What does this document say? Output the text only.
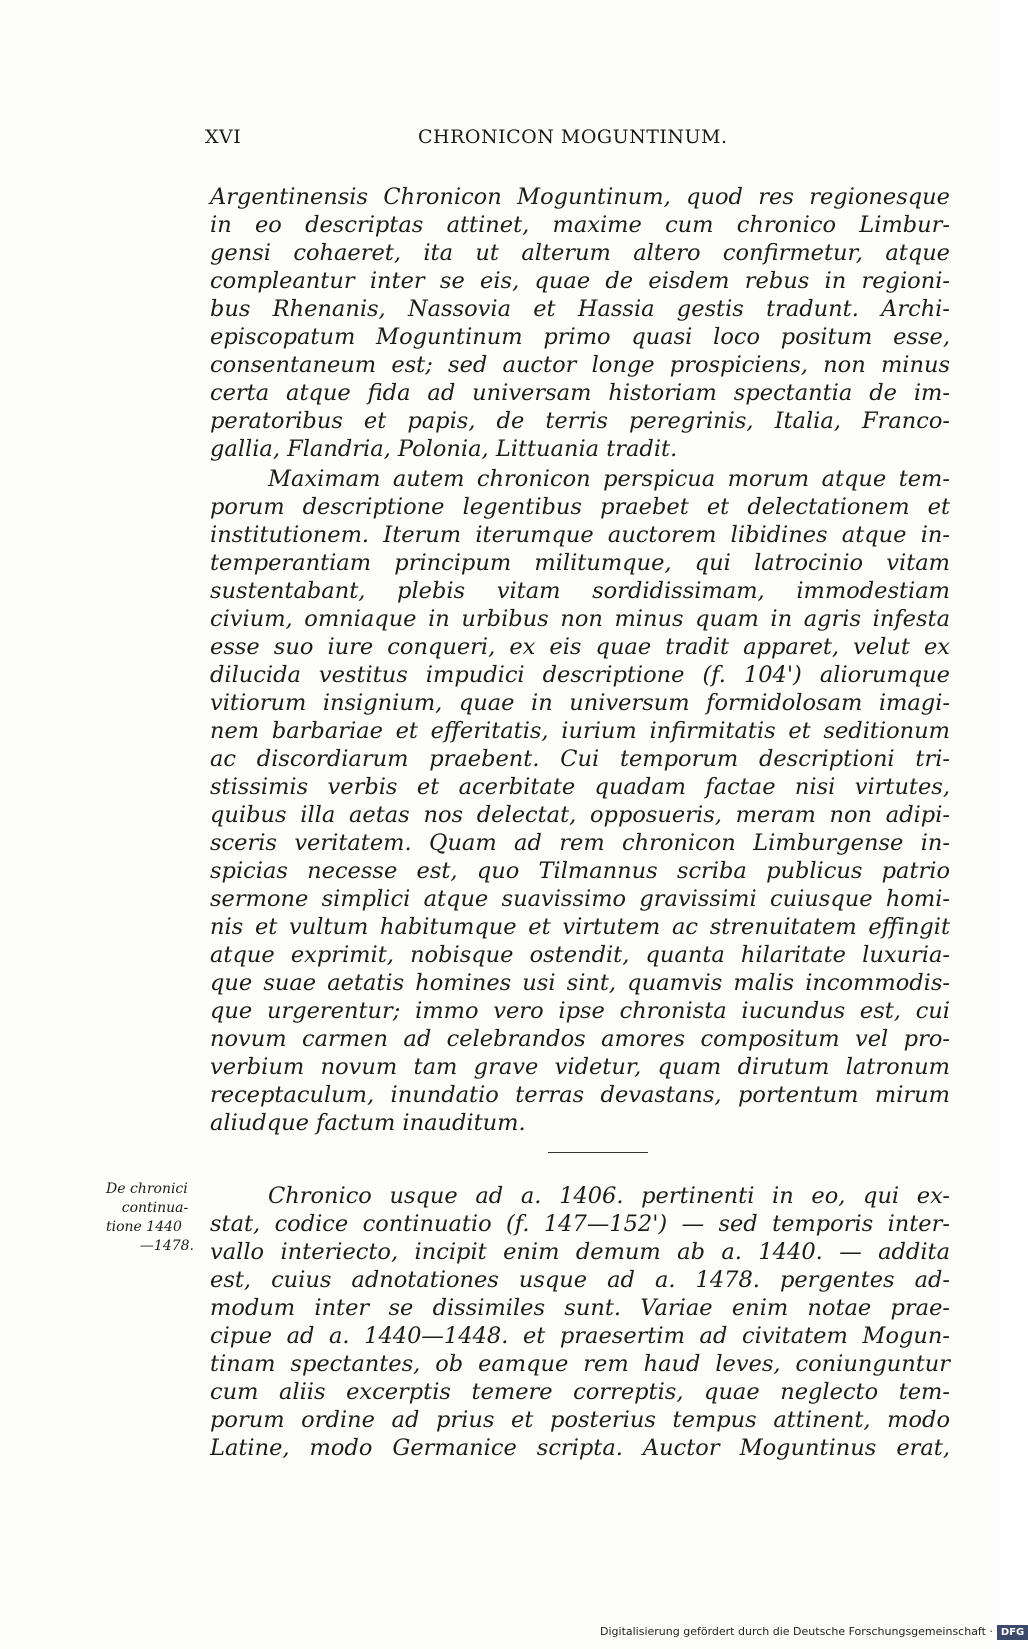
XVI	CHRONICON MOGUNTINUM.
Argentinensis Chronicon Moguntinum, quod res regionesque
in eo descriptas attinet, maxime cum chronico Limbur-
gensi cohaeret, ita ut alterum altero confirmetur, atque
compleantur inter se eis, quae de eisdem rebus in regioni-
bus Rhenanis, Nassovia et Hassia gestis tradunt. Archi-
episcopatum Moguntinum primo quasi loco positum esse,
consentaneum est; sed auctor longe prospiciens, non minus
certa atque fida ad universam historiam spectantia de im-
peratoribus et papis, de terris peregrinis, Italia, Franco-
gallia, Flandria, Polonia, Littuania tradit.
Maximam autem chronicon perspicua morum atque tem-
porum descriptione legentibus praebet et delectationem et
institutionem. Iterum iterumque auctorem libidines atque in-
temperantiam principum militumque, qui latrocinio vitam
sustentabant, plebis vitam sordidissimam, immodestiam
civium, omniaque in urbibus non minus quam in agris infesta
esse suo iure conqueri, ex eis quae tradit apparet, velut ex
dilucida vestitus impudici descriptione (f. 104') aliorumque
vitiorum insignium, quae in universum formidolosam imagi-
nem barbariae et efferitatis, iurium infirmitatis et seditionum
ac discordiarum praebent. Cui temporum descriptioni tri-
stissimis verbis et acerbitate quadam factae nisi virtutes,
quibus illa aetas nos delectat, opposueris, meram non adipi-
sceris veritatem. Quam ad rem chronicon Limburgense in-
spicias necesse est, quo Tilmannus scriba publicus patrio
sermone simplici atque suavissimo gravissimi cuiusque homi-
nis et vultum habitumque et virtutem ac strenuitatem effingit
atque exprimit, nobisque ostendit, quanta hilaritate luxuria-
que suae aetatis homines usi sint, quamvis malis incommodis-
que urgerentur; immo vero ipse chronista iucundus est, cui
novum carmen ad celebrandos amores compositum vel pro-
verbium novum tam grave videtur, quam dirutum latronum
receptaculum, inundatio terras devastans, portentum mirum
aliudque factum inauditum.
De chronici
continua-
tione 1440
—1478.
Chronico usque ad a. 1406. pertinenti in eo, qui ex-
stat, codice continuatio (f. 147—152') — sed temporis inter-
vallo interiecto, incipit enim demum ab a. 1440. — addita
est, cuius adnotationes usque ad a. 1478. pergentes ad-
modum inter se dissimiles sunt. Variae enim notae prae-
cipue ad a. 1440—1448. et praesertim ad civitatem Mogun-
tinam spectantes, ob eamque rem haud leves, coniunguntur
cum aliis excerptis temere correptis, quae neglecto tem-
porum ordine ad prius et posterius tempus attinent, modo
Latine, modo Germanice scripta. Auctor Moguntinus erat,
Digitalisierung gefördert durch die Deutsche Forschungsgemeinschaft · DFG
